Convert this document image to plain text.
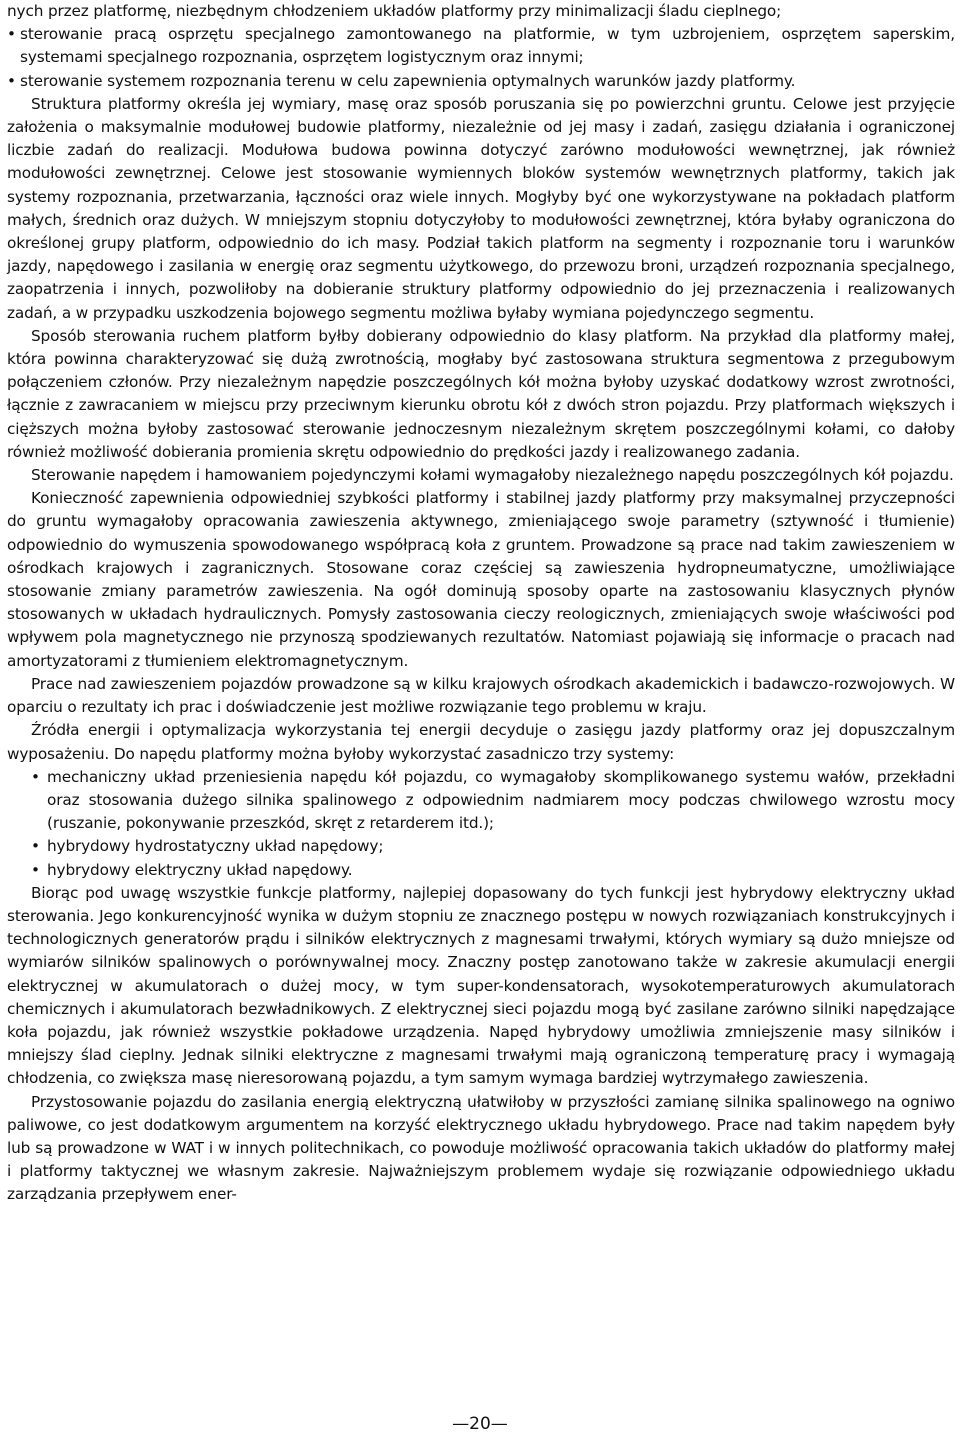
nych przez platformę, niezbędnym chłodzeniem układów platformy przy minimalizacji śladu cieplnego;

• sterowanie pracą osprzętu specjalnego zamontowanego na platformie, w tym uzbrojeniem, osprzętem saperskim, systemami specjalnego rozpoznania, osprzętem logistycznym oraz innymi;
• sterowanie systemem rozpoznania terenu w celu zapewnienia optymalnych warunków jazdy platformy.

Struktura platformy określa jej wymiary, masę oraz sposób poruszania się po powierzchni gruntu. Celowe jest przyjęcie założenia o maksymalnie modułowej budowie platformy, niezależnie od jej masy i zadań, zasięgu działania i ograniczonej liczbie zadań do realizacji. Modułowa budowa powinna dotyczyć zarówno modułowości wewnętrznej, jak również modułowości zewnętrznej. Celowe jest stosowanie wymiennych bloków systemów wewnętrznych platformy, takich jak systemy rozpoznania, przetwarzania, łączności oraz wiele innych. Mogłyby być one wykorzystywane na pokładach platform małych, średnich oraz dużych. W mniejszym stopniu dotyczyłoby to modułowości zewnętrznej, która byłaby ograniczona do określonej grupy platform, odpowiednio do ich masy. Podział takich platform na segmenty i rozpoznanie toru i warunków jazdy, napędowego i zasilania w energię oraz segmentu użytkowego, do przewozu broni, urządzeń rozpoznania specjalnego, zaopatrzenia i innych, pozwoliłoby na dobieranie struktury platformy odpowiednio do jej przeznaczenia i realizowanych zadań, a w przypadku uszkodzenia bojowego segmentu możliwa byłaby wymiana pojedynczego segmentu.

Sposób sterowania ruchem platform byłby dobierany odpowiednio do klasy platform. Na przykład dla platformy małej, która powinna charakteryzować się dużą zwrotnością, mogłaby być zastosowana struktura segmentowa z przegubowym połączeniem członów. Przy niezależnym napędzie poszczególnych kół można byłoby uzyskać dodatkowy wzrost zwrotności, łącznie z zawracaniem w miejscu przy przeciwnym kierunku obrotu kół z dwóch stron pojazdu. Przy platformach większych i cięższych można byłoby zastosować sterowanie jednoczesnym niezależnym skrętem poszczególnymi kołami, co dałoby również możliwość dobierania promienia skrętu odpowiednio do prędkości jazdy i realizowanego zadania.

Sterowanie napędem i hamowaniem pojedynczymi kołami wymagałoby niezależnego napędu poszczególnych kół pojazdu.

Konieczność zapewnienia odpowiedniej szybkości platformy i stabilnej jazdy platformy przy maksymalnej przyczepności do gruntu wymagałoby opracowania zawieszenia aktywnego, zmieniającego swoje parametry (sztywność i tłumienie) odpowiednio do wymuszenia spowodowanego współpracą koła z gruntem. Prowadzone są prace nad takim zawieszeniem w ośrodkach krajowych i zagranicznych. Stosowane coraz częściej są zawieszenia hydropneumatyczne, umożliwiające stosowanie zmiany parametrów zawieszenia. Na ogół dominują sposoby oparte na zastosowaniu klasycznych płynów stosowanych w układach hydraulicznych. Pomysły zastosowania cieczy reologicznych, zmieniających swoje właściwości pod wpływem pola magnetycznego nie przynoszą spodziewanych rezultatów. Natomiast pojawiają się informacje o pracach nad amortyzatorami z tłumieniem elektromagnetycznym.

Prace nad zawieszeniem pojazdów prowadzone są w kilku krajowych ośrodkach akademickich i badawczo-rozwojowych. W oparciu o rezultaty ich prac i doświadczenie jest możliwe rozwiązanie tego problemu w kraju.

Źródła energii i optymalizacja wykorzystania tej energii decyduje o zasięgu jazdy platformy oraz jej dopuszczalnym wyposażeniu. Do napędu platformy można byłoby wykorzystać zasadniczo trzy systemy:

• mechaniczny układ przeniesienia napędu kół pojazdu, co wymagałoby skomplikowanego systemu wałów, przekładni oraz stosowania dużego silnika spalinowego z odpowiednim nadmiarem mocy podczas chwilowego wzrostu mocy (ruszanie, pokonywanie przeszkód, skręt z retarderem itd.);
• hybrydowy hydrostatyczny układ napędowy;
• hybrydowy elektryczny układ napędowy.

Biorąc pod uwagę wszystkie funkcje platformy, najlepiej dopasowany do tych funkcji jest hybrydowy elektryczny układ sterowania. Jego konkurencyjność wynika w dużym stopniu ze znacznego postępu w nowych rozwiązaniach konstrukcyjnych i technologicznych generatorów prądu i silników elektrycznych z magnesami trwałymi, których wymiary są dużo mniejsze od wymiarów silników spalinowych o porównywalnej mocy. Znaczny postęp zanotowano także w zakresie akumulacji energii elektrycznej w akumulatorach o dużej mocy, w tym super-kondensatorach, wysokotemperaturowych akumulatorach chemicznych i akumulatorach bezwładnikowych. Z elektrycznej sieci pojazdu mogą być zasilane zarówno silniki napędzające koła pojazdu, jak również wszystkie pokładowe urządzenia. Napęd hybrydowy umożliwia zmniejszenie masy silników i mniejszy ślad cieplny. Jednak silniki elektryczne z magnesami trwałymi mają ograniczoną temperaturę pracy i wymagają chłodzenia, co zwiększa masę nieresorowaną pojazdu, a tym samym wymaga bardziej wytrzymałego zawieszenia.

Przystosowanie pojazdu do zasilania energią elektryczną ułatwiłoby w przyszłości zamianę silnika spalinowego na ogniwo paliwowe, co jest dodatkowym argumentem na korzyść elektrycznego układu hybrydowego. Prace nad takim napędem były lub są prowadzone w WAT i w innych politechnikach, co powoduje możliwość opracowania takich układów do platformy małej i platformy taktycznej we własnym zakresie. Najważniejszym problemem wydaje się rozwiązanie odpowiedniego układu zarządzania przepływem ener-

—20—
